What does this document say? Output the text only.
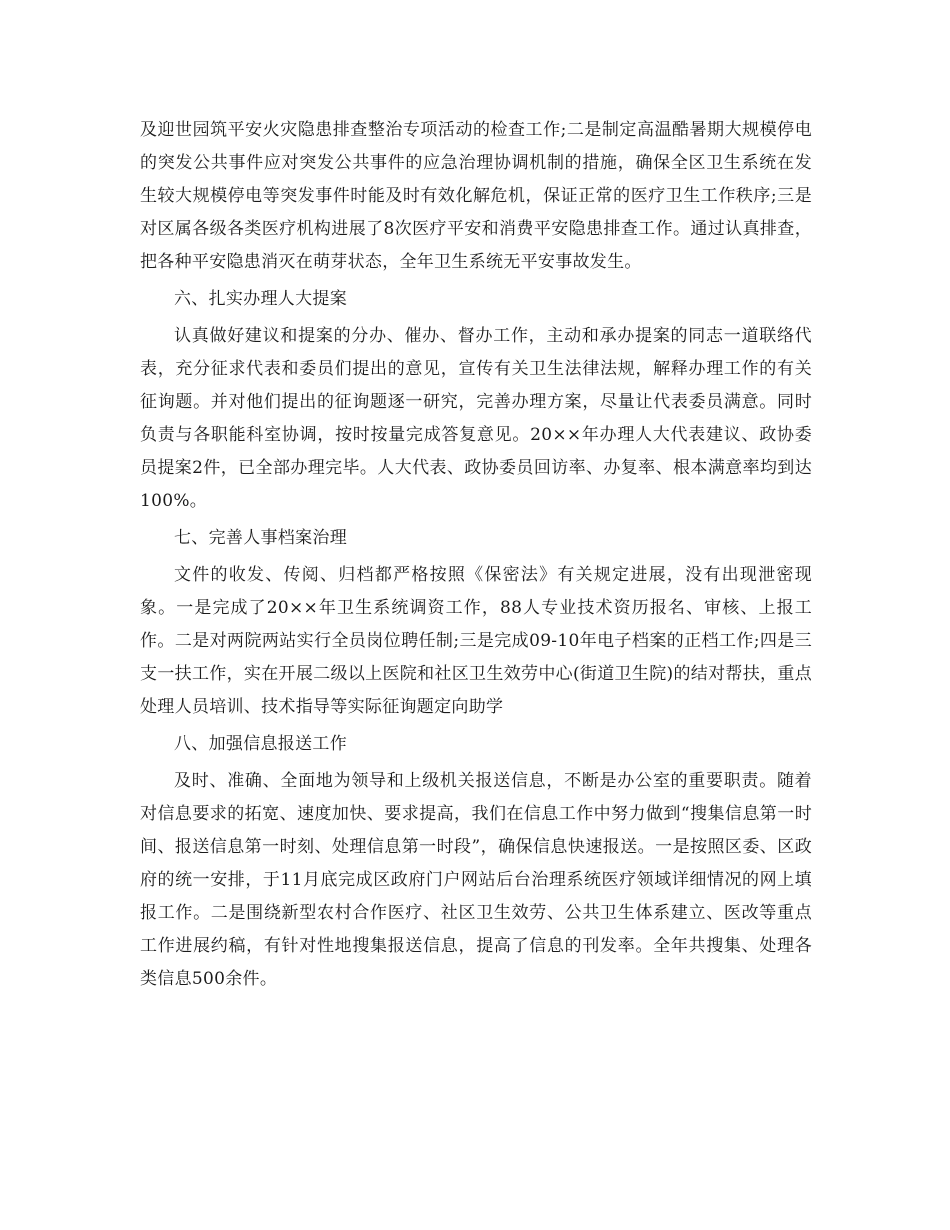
及迎世园筑平安火灾隐患排查整治专项活动的检查工作;二是制定高温酷暑期大规模停电的突发公共事件应对突发公共事件的应急治理协调机制的措施，确保全区卫生系统在发生较大规模停电等突发事件时能及时有效化解危机，保证正常的医疗卫生工作秩序;三是对区属各级各类医疗机构进展了8次医疗平安和消费平安隐患排查工作。通过认真排查，把各种平安隐患消灭在萌芽状态，全年卫生系统无平安事故发生。

六、扎实办理人大提案

认真做好建议和提案的分办、催办、督办工作，主动和承办提案的同志一道联络代表，充分征求代表和委员们提出的意见，宣传有关卫生法律法规，解释办理工作的有关征询题。并对他们提出的征询题逐一研究，完善办理方案，尽量让代表委员满意。同时负责与各职能科室协调，按时按量完成答复意见。20××年办理人大代表建议、政协委员提案2件，已全部办理完毕。人大代表、政协委员回访率、办复率、根本满意率均到达100%。

七、完善人事档案治理

文件的收发、传阅、归档都严格按照《保密法》有关规定进展，没有出现泄密现象。一是完成了20××年卫生系统调资工作，88人专业技术资历报名、审核、上报工作。二是对两院两站实行全员岗位聘任制;三是完成09-10年电子档案的正档工作;四是三支一扶工作，实在开展二级以上医院和社区卫生效劳中心(街道卫生院)的结对帮扶，重点处理人员培训、技术指导等实际征询题定向助学

八、加强信息报送工作

及时、准确、全面地为领导和上级机关报送信息，不断是办公室的重要职责。随着对信息要求的拓宽、速度加快、要求提高，我们在信息工作中努力做到“搜集信息第一时间、报送信息第一时刻、处理信息第一时段”，确保信息快速报送。一是按照区委、区政府的统一安排，于11月底完成区政府门户网站后台治理系统医疗领域详细情况的网上填报工作。二是围绕新型农村合作医疗、社区卫生效劳、公共卫生体系建立、医改等重点工作进展约稿，有针对性地搜集报送信息，提高了信息的刊发率。全年共搜集、处理各类信息500余件。
